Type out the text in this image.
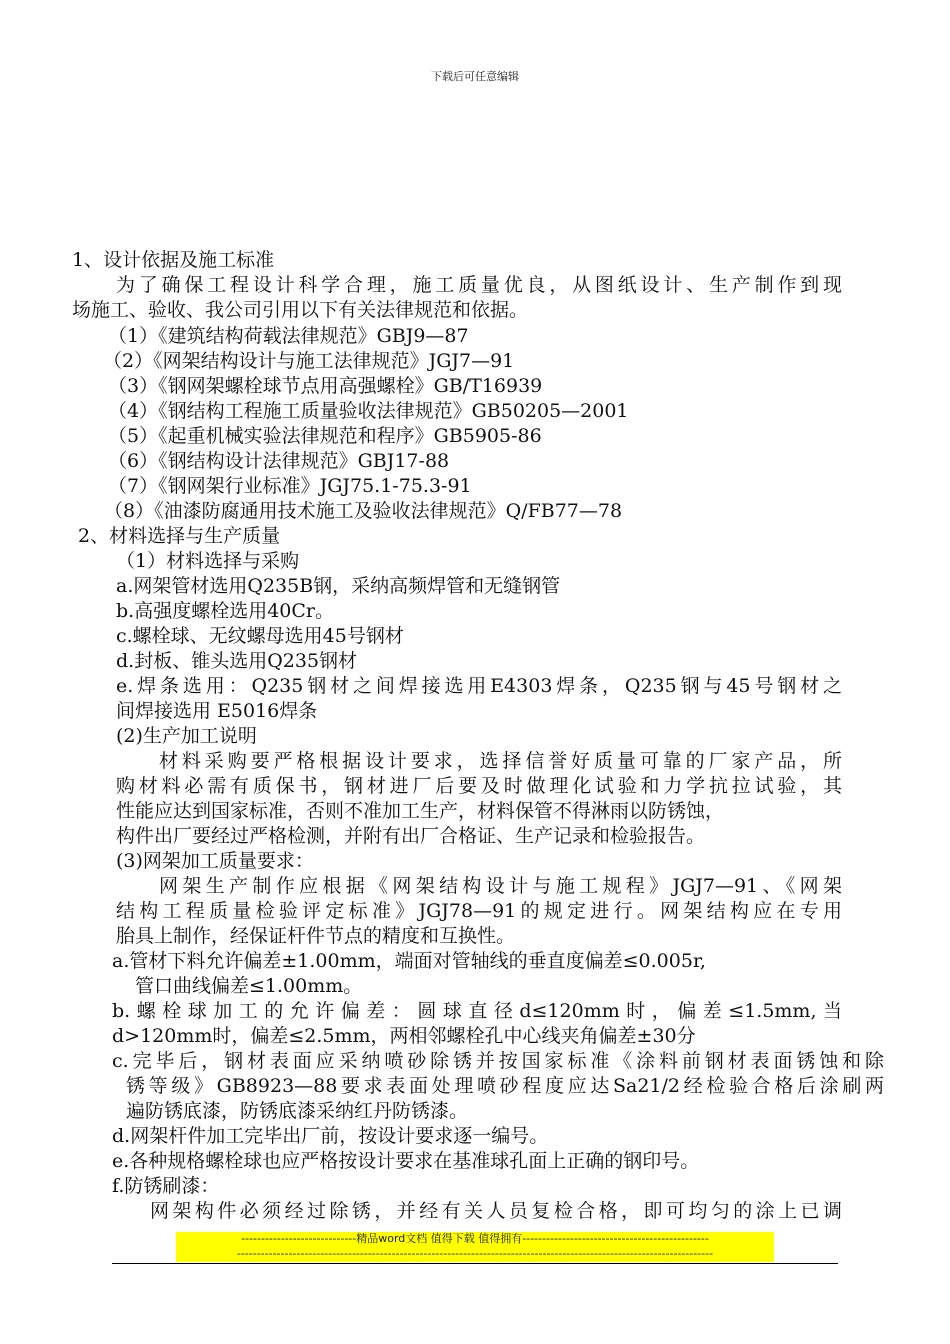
下载后可任意编辑
1、设计依据及施工标准
为了确保工程设计科学合理，施工质量优良，从图纸设计、生产制作到现
场施工、验收、我公司引用以下有关法律规范和依据。
（1）《建筑结构荷载法律规范》GBJ9—87
（2）《网架结构设计与施工法律规范》JGJ7—91
（3）《钢网架螺栓球节点用高强螺栓》GB/T16939
（4）《钢结构工程施工质量验收法律规范》GB50205—2001
（5）《起重机械实验法律规范和程序》GB5905-86
（6）《钢结构设计法律规范》GBJ17-88
（7）《钢网架行业标准》JGJ75.1-75.3-91
（8）《油漆防腐通用技术施工及验收法律规范》Q/FB77—78
2、材料选择与生产质量
（1）材料选择与采购
a.网架管材选用Q235B钢，采纳高频焊管和无缝钢管
b.高强度螺栓选用40Cr。
c.螺栓球、无纹螺母选用45号钢材
d.封板、锥头选用Q235钢材
e.焊条选用：Q235钢材之间焊接选用E4303焊条，Q235钢与45号钢材之
间焊接选用 E5016焊条
(2)生产加工说明
材料采购要严格根据设计要求，选择信誉好质量可靠的厂家产品，所
购材料必需有质保书，钢材进厂后要及时做理化试验和力学抗拉试验，其
性能应达到国家标准，否则不准加工生产，材料保管不得淋雨以防锈蚀，
构件出厂要经过严格检测，并附有出厂合格证、生产记录和检验报告。
(3)网架加工质量要求：
网架生产制作应根据《网架结构设计与施工规程》JGJ7—91、《网架
结构工程质量检验评定标准》JGJ78—91的规定进行。网架结构应在专用
胎具上制作，经保证杆件节点的精度和互换性。
a.管材下料允许偏差±1.00mm，端面对管轴线的垂直度偏差≤0.005r,
管口曲线偏差≤1.00mm。
b.螺栓球加工的允许偏差：圆球直径d≤120mm时，偏差≤1.5mm,当
d>120mm时，偏差≤2.5mm，两相邻螺栓孔中心线夹角偏差±30分
c.完毕后，钢材表面应采纳喷砂除锈并按国家标准《涂料前钢材表面锈蚀和除
锈等级》GB8923—88要求表面处理喷砂程度应达Sa21/2经检验合格后涂刷两
遍防锈底漆，防锈底漆采纳红丹防锈漆。
d.网架杆件加工完毕出厂前，按设计要求逐一编号。
e.各种规格螺栓球也应严格按设计要求在基准球孔面上正确的钢印号。
f.防锈刷漆：
网架构件必须经过除锈，并经有关人员复检合格，即可均匀的涂上已调
-----------------------------精品word文档 值得下载 值得拥有-----------------------------------------------
------------------------------------------------------------------------------------------------------------------------
